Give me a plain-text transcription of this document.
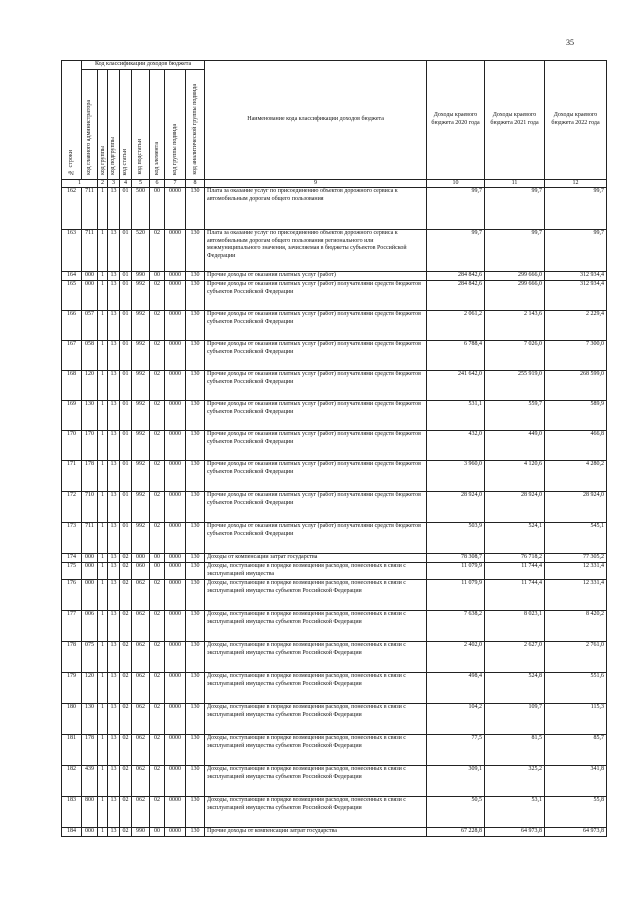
35
№ строки	Код классификации доходов бюджета								Наименование кода классификации доходов бюджета	Доходы краевого бюджета 2020 года	Доходы краевого бюджета 2021 года	Доходы краевого бюджета 2022 года
	код главного администратора	код группы	код подгруппы	код статьи	код подстатьи	код элемента	код группы подвида	код аналитической группы подвида				
1		2	3	4	5	6	7	8	9	10	11	12
162	711	1	13	01	500	00	0000	130	Плата за оказание услуг по присоединению объектов дорожного сервиса к автомобильным дорогам общего пользования	99,7	99,7	99,7
163	711	1	13	01	520	02	0000	130	Плата за оказание услуг по присоединению объектов дорожного сервиса к автомобильным дорогам общего пользования регионального или межмуниципального значения, зачисляемая в бюджеты субъектов Российской Федерации	99,7	99,7	99,7
164	000	1	13	01	990	00	0000	130	Прочие доходы от оказания платных услуг (работ)	284 842,6	299 666,0	312 934,4
165	000	1	13	01	992	02	0000	130	Прочие доходы от оказания платных услуг (работ) получателями средств бюджетов субъектов Российской Федерации	284 842,6	299 666,0	312 934,4
166	057	1	13	01	992	02	0000	130	Прочие доходы от оказания платных услуг (работ) получателями средств бюджетов субъектов Российской Федерации	2 061,2	2 143,6	2 229,4
167	058	1	13	01	992	02	0000	130	Прочие доходы от оказания платных услуг (работ) получателями средств бюджетов субъектов Российской Федерации	6 788,4	7 026,0	7 300,0
168	120	1	13	01	992	02	0000	130	Прочие доходы от оказания платных услуг (работ) получателями средств бюджетов субъектов Российской Федерации	241 642,0	255 919,0	268 599,0
169	130	1	13	01	992	02	0000	130	Прочие доходы от оказания платных услуг (работ) получателями средств бюджетов субъектов Российской Федерации	531,1	559,7	589,9
170	170	1	13	01	992	02	0000	130	Прочие доходы от оказания платных услуг (работ) получателями средств бюджетов субъектов Российской Федерации	432,0	449,0	466,8
171	178	1	13	01	992	02	0000	130	Прочие доходы от оказания платных услуг (работ) получателями средств бюджетов субъектов Российской Федерации	3 960,0	4 120,6	4 280,2
172	710	1	13	01	992	02	0000	130	Прочие доходы от оказания платных услуг (работ) получателями средств бюджетов субъектов Российской Федерации	28 924,0	28 924,0	28 924,0
173	711	1	13	01	992	02	0000	130	Прочие доходы от оказания платных услуг (работ) получателями средств бюджетов субъектов Российской Федерации	503,9	524,1	545,1
174	000	1	13	02	000	00	0000	130	Доходы от компенсации затрат государства	78 308,7	76 718,2	77 305,2
175	000	1	13	02	060	00	0000	130	Доходы, поступающие в порядке возмещения расходов, понесенных в связи с эксплуатацией имущества	11 079,9	11 744,4	12 331,4
176	000	1	13	02	062	02	0000	130	Доходы, поступающие в порядке возмещения расходов, понесенных в связи с эксплуатацией имущества субъектов Российской Федерации	11 079,9	11 744,4	12 331,4
177	006	1	13	02	062	02	0000	130	Доходы, поступающие в порядке возмещения расходов, понесенных в связи с эксплуатацией имущества субъектов Российской Федерации	7 638,2	8 023,1	8 420,2
178	075	1	13	02	062	02	0000	130	Доходы, поступающие в порядке возмещения расходов, понесенных в связи с эксплуатацией имущества субъектов Российской Федерации	2 402,0	2 627,0	2 761,0
179	120	1	13	02	062	02	0000	130	Доходы, поступающие в порядке возмещения расходов, понесенных в связи с эксплуатацией имущества субъектов Российской Федерации	498,4	524,8	551,6
180	130	1	13	02	062	02	0000	130	Доходы, поступающие в порядке возмещения расходов, понесенных в связи с эксплуатацией имущества субъектов Российской Федерации	104,2	109,7	115,3
181	178	1	13	02	062	02	0000	130	Доходы, поступающие в порядке возмещения расходов, понесенных в связи с эксплуатацией имущества субъектов Российской Федерации	77,5	81,5	85,7
182	439	1	13	02	062	02	0000	130	Доходы, поступающие в порядке возмещения расходов, понесенных в связи с эксплуатацией имущества субъектов Российской Федерации	309,1	325,2	341,8
183	800	1	13	02	062	02	0000	130	Доходы, поступающие в порядке возмещения расходов, понесенных в связи с эксплуатацией имущества субъектов Российской Федерации	50,5	53,1	55,8
184	000	1	13	02	990	00	0000	130	Прочие доходы от компенсации затрат государства	67 228,8	64 973,8	64 973,8
